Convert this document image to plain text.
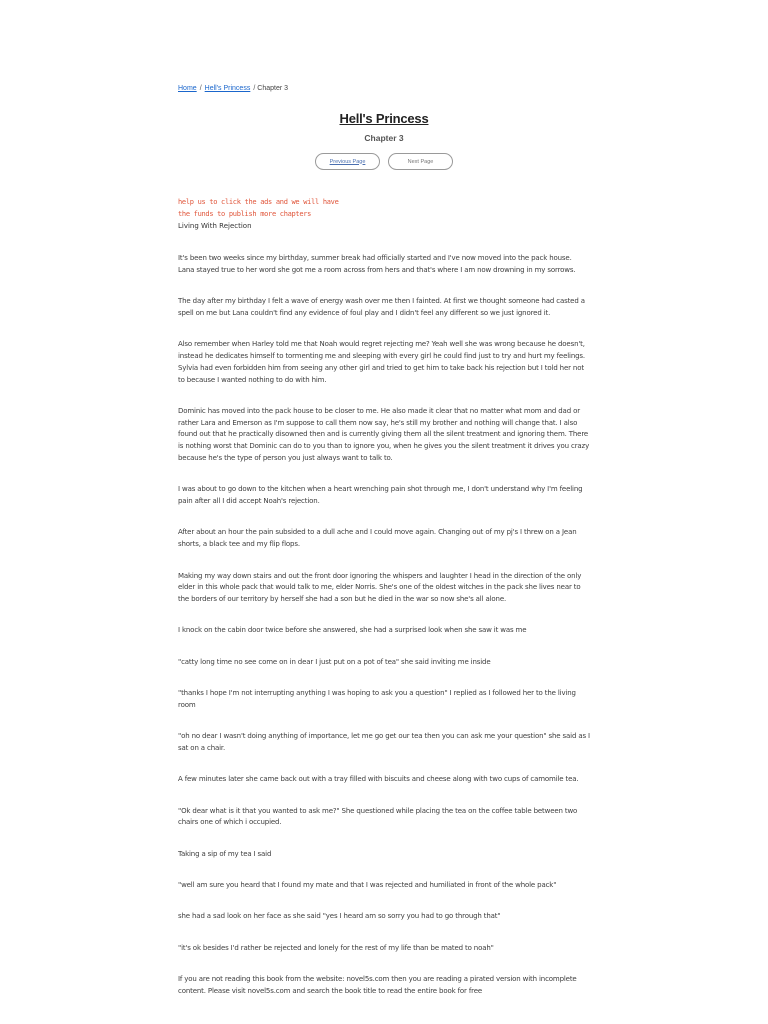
Home / Hell's Princess / Chapter 3
Hell's Princess
Chapter 3
Previous Page	Next Page
help us to click the ads and we will have
the funds to publish more chapters
Living With Rejection

It's been two weeks since my birthday, summer break had officially started and I've now moved into the pack house. Lana stayed true to her word she got me a room across from hers and that's where I am now drowning in my sorrows.

The day after my birthday I felt a wave of energy wash over me then I fainted. At first we thought someone had casted a spell on me but Lana couldn't find any evidence of foul play and I didn't feel any different so we just ignored it.

Also remember when Harley told me that Noah would regret rejecting me? Yeah well she was wrong because he doesn't, instead he dedicates himself to tormenting me and sleeping with every girl he could find just to try and hurt my feelings. Sylvia had even forbidden him from seeing any other girl and tried to get him to take back his rejection but I told her not to because I wanted nothing to do with him.

Dominic has moved into the pack house to be closer to me. He also made it clear that no matter what mom and dad or rather Lara and Emerson as I'm suppose to call them now say, he's still my brother and nothing will change that. I also found out that he practically disowned then and is currently giving them all the silent treatment and ignoring them. There is nothing worst that Dominic can do to you than to ignore you, when he gives you the silent treatment it drives you crazy because he's the type of person you just always want to talk to.

I was about to go down to the kitchen when a heart wrenching pain shot through me, I don't understand why I'm feeling pain after all I did accept Noah's rejection.

After about an hour the pain subsided to a dull ache and I could move again. Changing out of my pj's I threw on a Jean shorts, a black tee and my flip flops.

Making my way down stairs and out the front door ignoring the whispers and laughter I head in the direction of the only elder in this whole pack that would talk to me, elder Norris. She's one of the oldest witches in the pack she lives near to the borders of our territory by herself she had a son but he died in the war so now she's all alone.

I knock on the cabin door twice before she answered, she had a surprised look when she saw it was me

"catty long time no see come on in dear I just put on a pot of tea" she said inviting me inside

"thanks I hope I'm not interrupting anything I was hoping to ask you a question" I replied as I followed her to the living room

"oh no dear I wasn't doing anything of importance, let me go get our tea then you can ask me your question" she said as I sat on a chair.

A few minutes later she came back out with a tray filled with biscuits and cheese along with two cups of camomile tea.

"Ok dear what is it that you wanted to ask me?" She questioned while placing the tea on the coffee table between two chairs one of which i occupied.

Taking a sip of my tea I said

"well am sure you heard that I found my mate and that I was rejected and humiliated in front of the whole pack"

she had a sad look on her face as she said "yes I heard am so sorry you had to go through that"

"it's ok besides I'd rather be rejected and lonely for the rest of my life than be mated to noah"

If you are not reading this book from the website: novel5s.com then you are reading a pirated version with incomplete content. Please visit novel5s.com and search the book title to read the entire book for free
